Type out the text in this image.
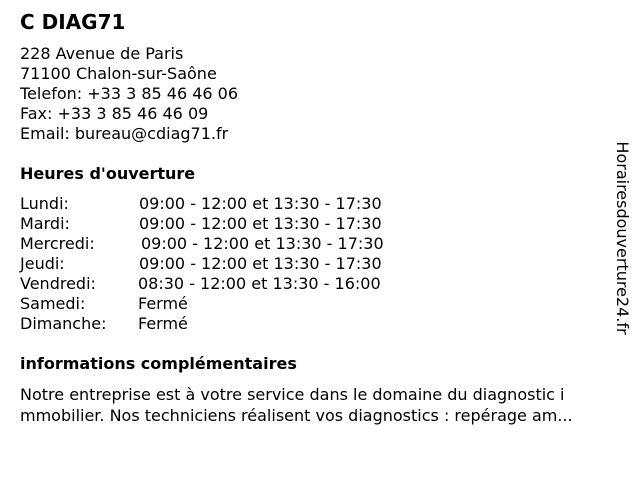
C DIAG71
228 Avenue de Paris
71100 Chalon-sur-Saône
Telefon: +33 3 85 46 46 06
Fax: +33 3 85 46 46 09
Email: bureau@cdiag71.fr
Heures d'ouverture
Lundi:	09:00 - 12:00 et 13:30 - 17:30
Mardi:	09:00 - 12:00 et 13:30 - 17:30
Mercredi:	09:00 - 12:00 et 13:30 - 17:30
Jeudi:	09:00 - 12:00 et 13:30 - 17:30
Vendredi:	08:30 - 12:00 et 13:30 - 16:00
Samedi:	Fermé
Dimanche: Fermé
informations complémentaires
Notre entreprise est à votre service dans le domaine du diagnostic i
mmobilier. Nos techniciens réalisent vos diagnostics : repérage am...
Horairesdouverture24.fr
